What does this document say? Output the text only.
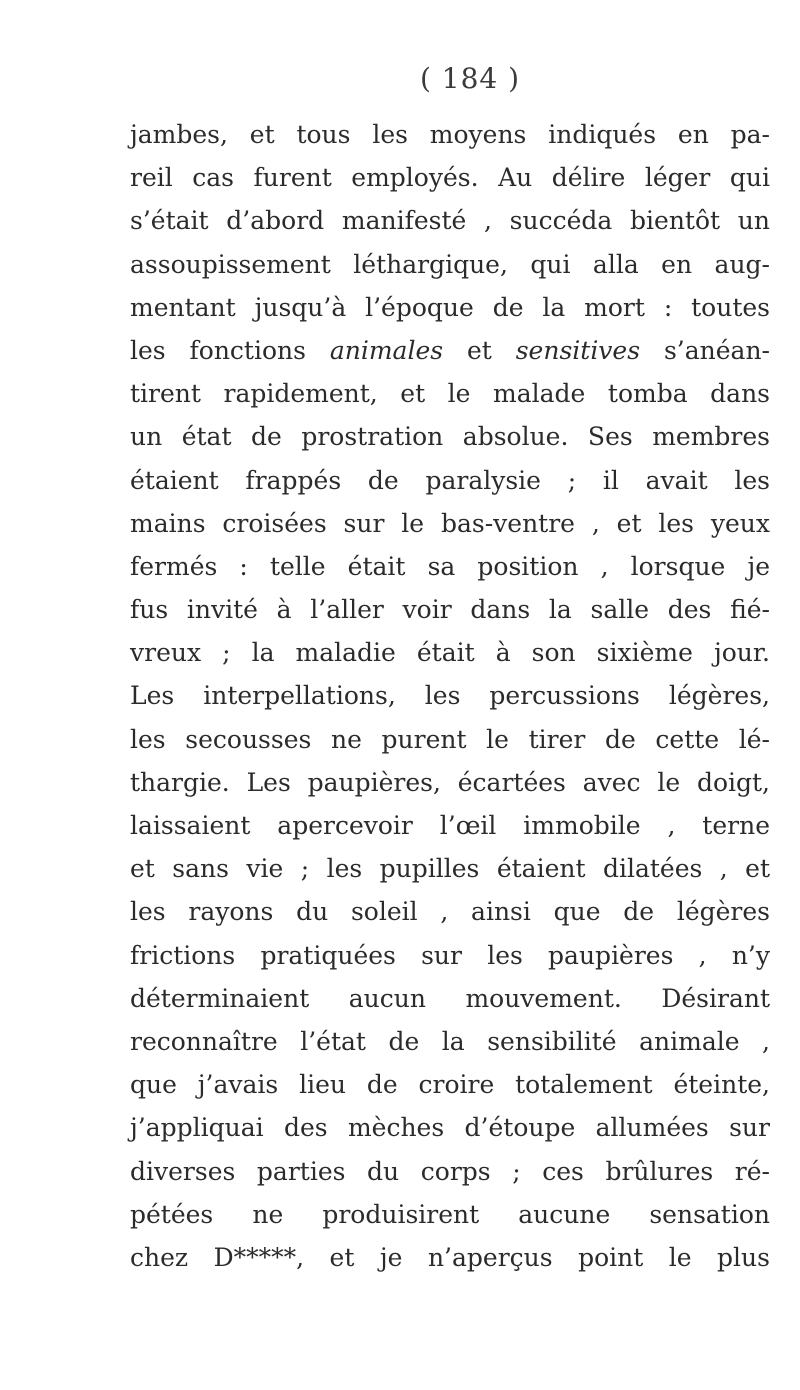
( 184 )
jambes, et tous les moyens indiqués en pa-
reil cas furent employés. Au délire léger qui
s’était d’abord manifesté , succéda bientôt un
assoupissement léthargique, qui alla en aug-
mentant jusqu’à l’époque de la mort : toutes
les fonctions animales et sensitives s’anéan-
tirent rapidement, et le malade tomba dans
un état de prostration absolue. Ses membres
étaient frappés de paralysie ; il avait les
mains croisées sur le bas-ventre , et les yeux
fermés : telle était sa position , lorsque je
fus invité à l’aller voir dans la salle des fié-
vreux ; la maladie était à son sixième jour.
Les interpellations, les percussions légères,
les secousses ne purent le tirer de cette lé-
thargie. Les paupières, écartées avec le doigt,
laissaient apercevoir l’œil immobile , terne
et sans vie ; les pupilles étaient dilatées , et
les rayons du soleil , ainsi que de légères
frictions pratiquées sur les paupières , n’y
déterminaient aucun mouvement. Désirant
reconnaître l’état de la sensibilité animale ,
que j’avais lieu de croire totalement éteinte,
j’appliquai des mèches d’étoupe allumées sur
diverses parties du corps ; ces brûlures ré-
pétées ne produisirent aucune sensation
chez D*****, et je n’aperçus point le plus
